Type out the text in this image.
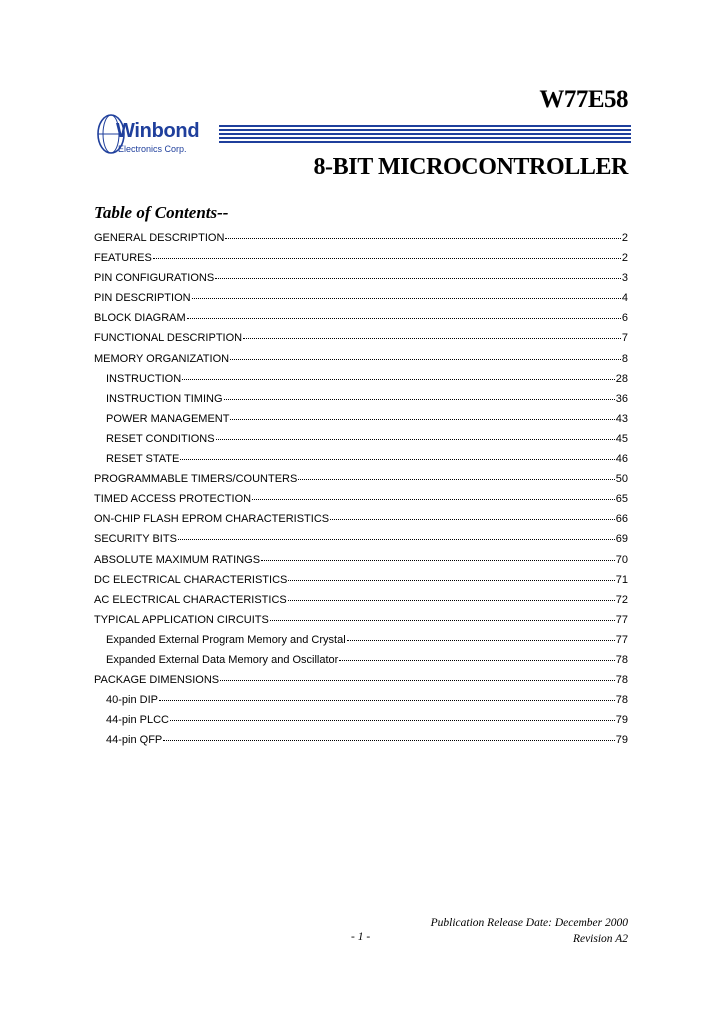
W77E58
Winbond
Electronics Corp.
8-BIT MICROCONTROLLER
Table of Contents--
GENERAL DESCRIPTION	2
FEATURES	2
PIN CONFIGURATIONS	3
PIN DESCRIPTION	4
BLOCK DIAGRAM	6
FUNCTIONAL DESCRIPTION	7
MEMORY ORGANIZATION	8
INSTRUCTION	28
INSTRUCTION TIMING	36
POWER MANAGEMENT	43
RESET CONDITIONS	45
RESET STATE	46
PROGRAMMABLE TIMERS/COUNTERS	50
TIMED ACCESS PROTECTION	65
ON-CHIP FLASH EPROM CHARACTERISTICS	66
SECURITY BITS	69
ABSOLUTE MAXIMUM RATINGS	70
DC ELECTRICAL CHARACTERISTICS	71
AC ELECTRICAL CHARACTERISTICS	72
TYPICAL APPLICATION CIRCUITS	77
Expanded External Program Memory and Crystal	77
Expanded External Data Memory and Oscillator	78
PACKAGE DIMENSIONS	78
40-pin DIP	78
44-pin PLCC	79
44-pin QFP	79
Publication Release Date: December 2000
Revision A2
- 1 -
